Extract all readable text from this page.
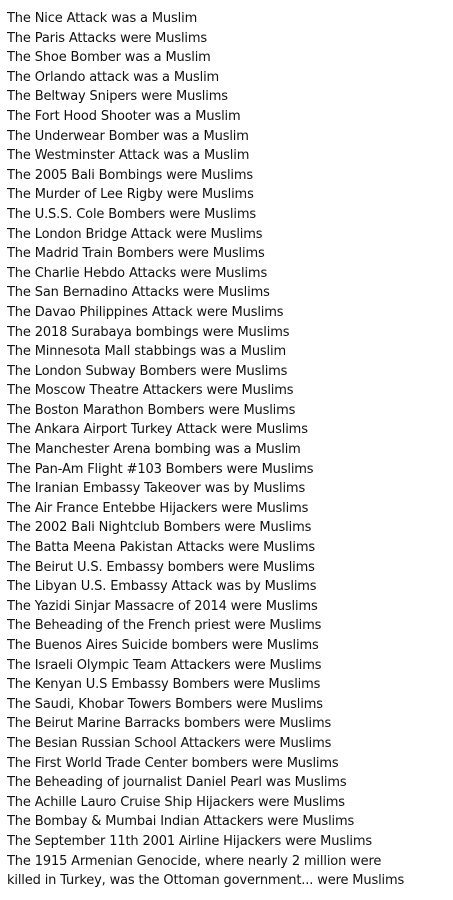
The Nice Attack was a Muslim
The Paris Attacks were Muslims
The Shoe Bomber was a Muslim
The Orlando attack was a Muslim
The Beltway Snipers were Muslims
The Fort Hood Shooter was a Muslim
The Underwear Bomber was a Muslim
The Westminster Attack was a Muslim
The 2005 Bali Bombings were Muslims
The Murder of Lee Rigby were Muslims
The U.S.S. Cole Bombers were Muslims
The London Bridge Attack were Muslims
The Madrid Train Bombers were Muslims
The Charlie Hebdo Attacks were Muslims
The San Bernadino Attacks were Muslims
The Davao Philippines Attack were Muslims
The 2018 Surabaya bombings were Muslims
The Minnesota Mall stabbings was a Muslim
The London Subway Bombers were Muslims
The Moscow Theatre Attackers were Muslims
The Boston Marathon Bombers were Muslims
The Ankara Airport Turkey Attack were Muslims
The Manchester Arena bombing was a Muslim
The Pan-Am Flight #103 Bombers were Muslims
The Iranian Embassy Takeover was by Muslims
The Air France Entebbe Hijackers were Muslims
The 2002 Bali Nightclub Bombers were Muslims
The Batta Meena Pakistan Attacks were Muslims
The Beirut U.S. Embassy bombers were Muslims
The Libyan U.S. Embassy Attack was by Muslims
The Yazidi Sinjar Massacre of 2014 were Muslims
The Beheading of the French priest were Muslims
The Buenos Aires Suicide bombers were Muslims
The Israeli Olympic Team Attackers were Muslims
The Kenyan U.S Embassy Bombers were Muslims
The Saudi, Khobar Towers Bombers were Muslims
The Beirut Marine Barracks bombers were Muslims
The Besian Russian School Attackers were Muslims
The First World Trade Center bombers were Muslims
The Beheading of journalist Daniel Pearl was Muslims
The Achille Lauro Cruise Ship Hijackers were Muslims
The Bombay & Mumbai Indian Attackers were Muslims
The September 11th 2001 Airline Hijackers were Muslims
The 1915 Armenian Genocide, where nearly 2 million were
killed in Turkey, was the Ottoman government... were Muslims
